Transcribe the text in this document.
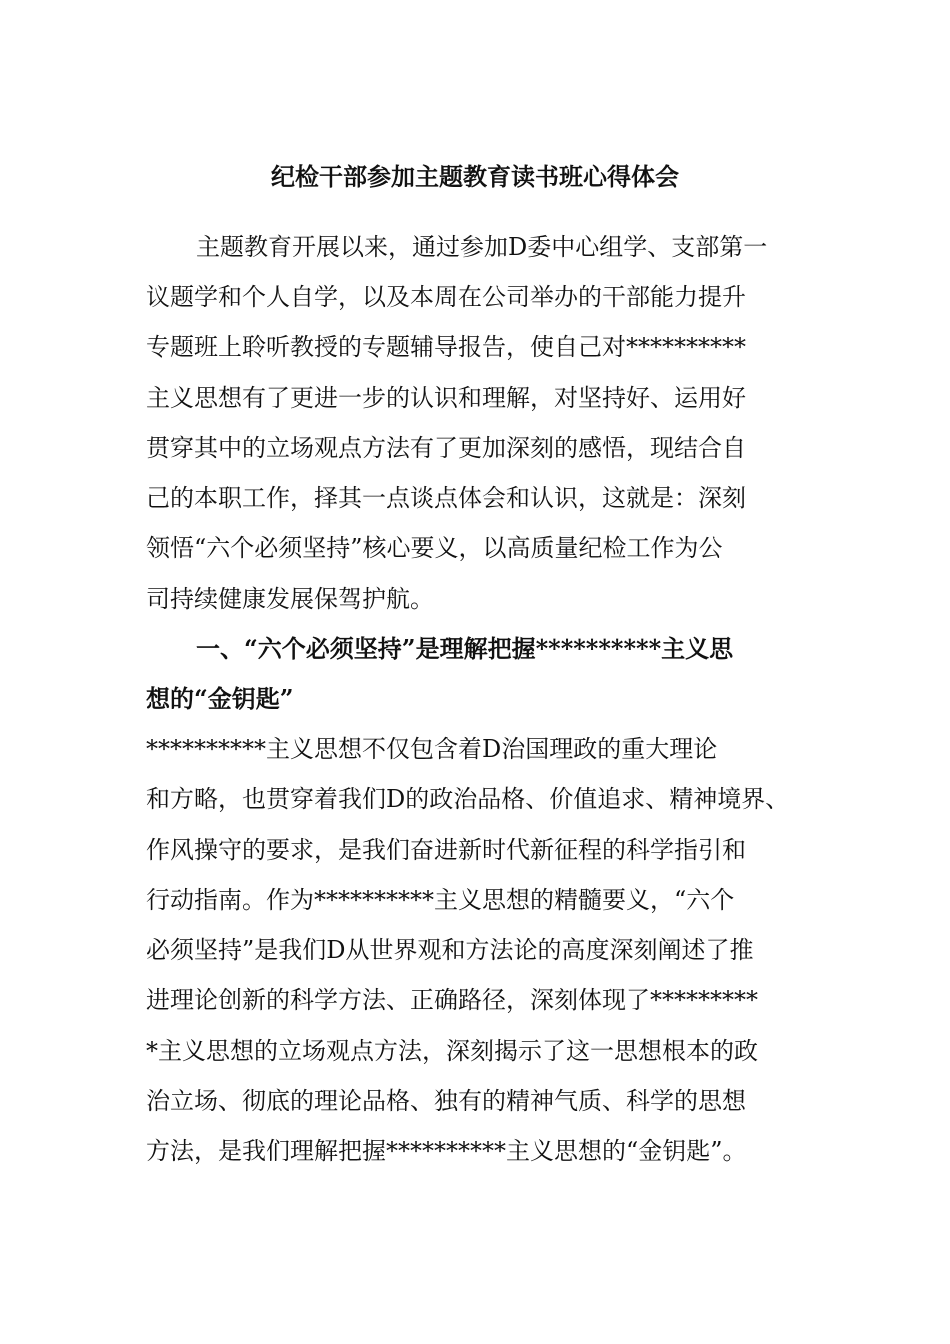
纪检干部参加主题教育读书班心得体会
主题教育开展以来，通过参加D委中心组学、支部第一
议题学和个人自学，以及本周在公司举办的干部能力提升
专题班上聆听教授的专题辅导报告，使自己对**********
主义思想有了更进一步的认识和理解，对坚持好、运用好
贯穿其中的立场观点方法有了更加深刻的感悟，现结合自
己的本职工作，择其一点谈点体会和认识，这就是：深刻
领悟“六个必须坚持”核心要义，以高质量纪检工作为公
司持续健康发展保驾护航。
一、“六个必须坚持”是理解把握**********主义思
想的“金钥匙”
**********主义思想不仅包含着D治国理政的重大理论
和方略，也贯穿着我们D的政治品格、价值追求、精神境界、
作风操守的要求，是我们奋进新时代新征程的科学指引和
行动指南。作为**********主义思想的精髓要义，“六个
必须坚持”是我们D从世界观和方法论的高度深刻阐述了推
进理论创新的科学方法、正确路径，深刻体现了*********
*主义思想的立场观点方法，深刻揭示了这一思想根本的政
治立场、彻底的理论品格、独有的精神气质、科学的思想
方法，是我们理解把握**********主义思想的“金钥匙”。
